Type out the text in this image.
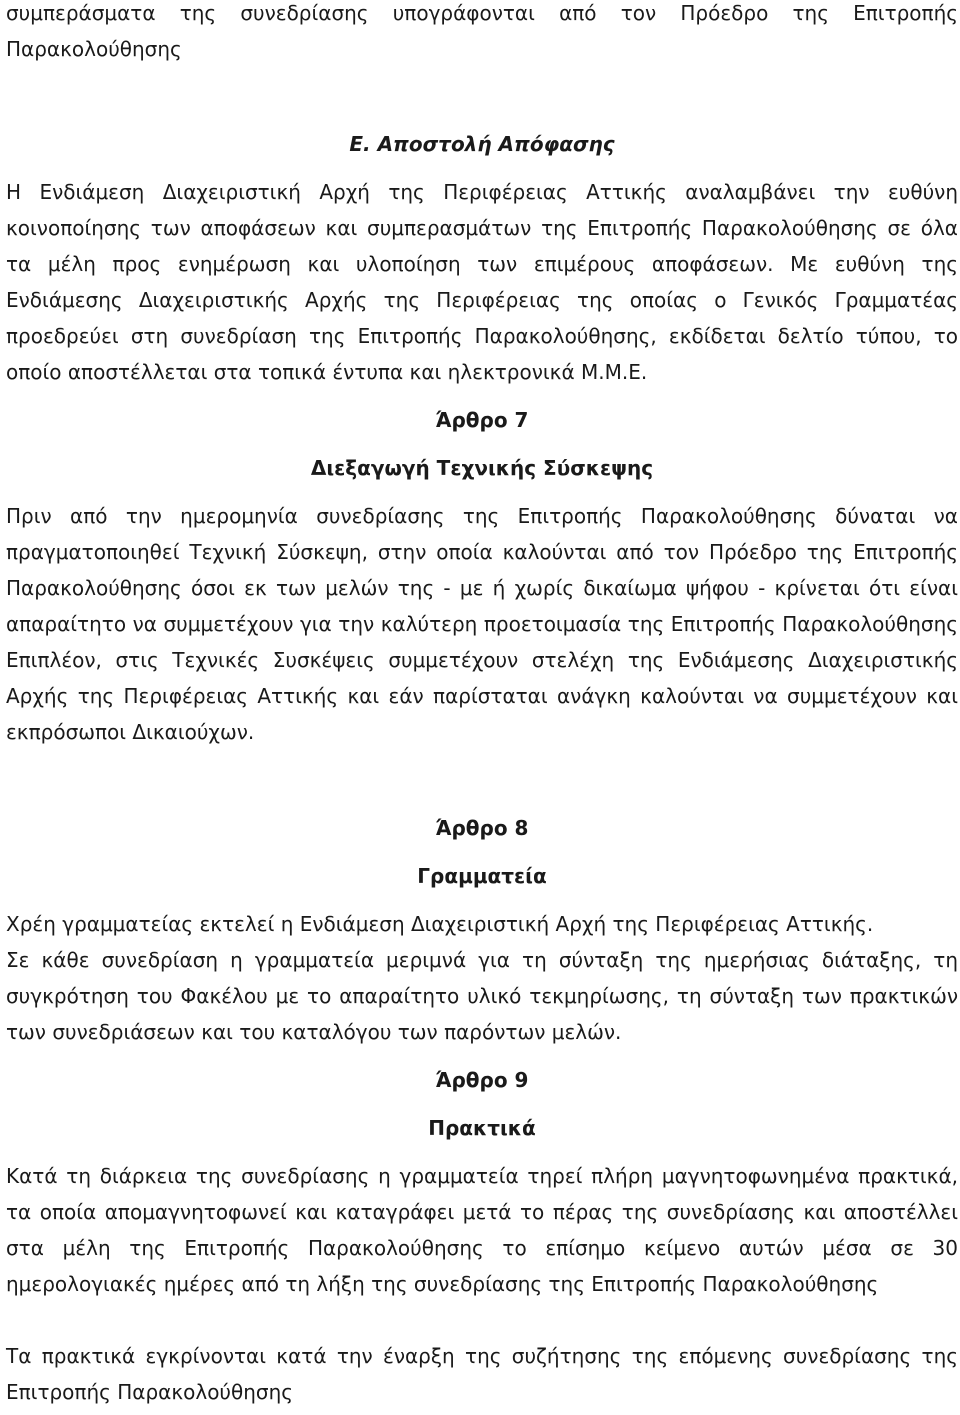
συμπεράσματα της συνεδρίασης υπογράφονται από τον Πρόεδρο της Επιτροπής Παρακολούθησης

Ε. Αποστολή Απόφασης

Η Ενδιάμεση Διαχειριστική Αρχή της Περιφέρειας Αττικής αναλαμβάνει την ευθύνη κοινοποίησης των αποφάσεων και συμπερασμάτων της Επιτροπής Παρακολούθησης σε όλα τα μέλη προς ενημέρωση και υλοποίηση των επιμέρους αποφάσεων. Με ευθύνη της Ενδιάμεσης Διαχειριστικής Αρχής της Περιφέρειας της οποίας ο Γενικός Γραμματέας προεδρεύει στη συνεδρίαση της Επιτροπής Παρακολούθησης, εκδίδεται δελτίο τύπου, το οποίο αποστέλλεται στα τοπικά έντυπα και ηλεκτρονικά Μ.Μ.Ε.

Άρθρο 7
Διεξαγωγή Τεχνικής Σύσκεψης

Πριν από την ημερομηνία συνεδρίασης της Επιτροπής Παρακολούθησης δύναται να πραγματοποιηθεί Τεχνική Σύσκεψη, στην οποία καλούνται από τον Πρόεδρο της Επιτροπής Παρακολούθησης όσοι εκ των μελών της - με ή χωρίς δικαίωμα ψήφου - κρίνεται ότι είναι απαραίτητο να συμμετέχουν για την καλύτερη προετοιμασία της Επιτροπής Παρακολούθησης Επιπλέον, στις Τεχνικές Συσκέψεις συμμετέχουν στελέχη της Ενδιάμεσης Διαχειριστικής Αρχής της Περιφέρειας Αττικής και εάν παρίσταται ανάγκη καλούνται να συμμετέχουν και εκπρόσωποι Δικαιούχων.

Άρθρο 8
Γραμματεία

Χρέη γραμματείας εκτελεί η Ενδιάμεση Διαχειριστική Αρχή της Περιφέρειας Αττικής.

Σε κάθε συνεδρίαση η γραμματεία μεριμνά για τη σύνταξη της ημερήσιας διάταξης, τη συγκρότηση του Φακέλου με το απαραίτητο υλικό τεκμηρίωσης, τη σύνταξη των πρακτικών των συνεδριάσεων και του καταλόγου των παρόντων μελών.

Άρθρο 9
Πρακτικά

Κατά τη διάρκεια της συνεδρίασης η γραμματεία τηρεί πλήρη μαγνητοφωνημένα πρακτικά, τα οποία απομαγνητοφωνεί και καταγράφει μετά το πέρας της συνεδρίασης και αποστέλλει στα μέλη της Επιτροπής Παρακολούθησης το επίσημο κείμενο αυτών μέσα σε 30 ημερολογιακές ημέρες από τη λήξη της συνεδρίασης της Επιτροπής Παρακολούθησης

Τα πρακτικά εγκρίνονται κατά την έναρξη της συζήτησης της επόμενης συνεδρίασης της Επιτροπής Παρακολούθησης
